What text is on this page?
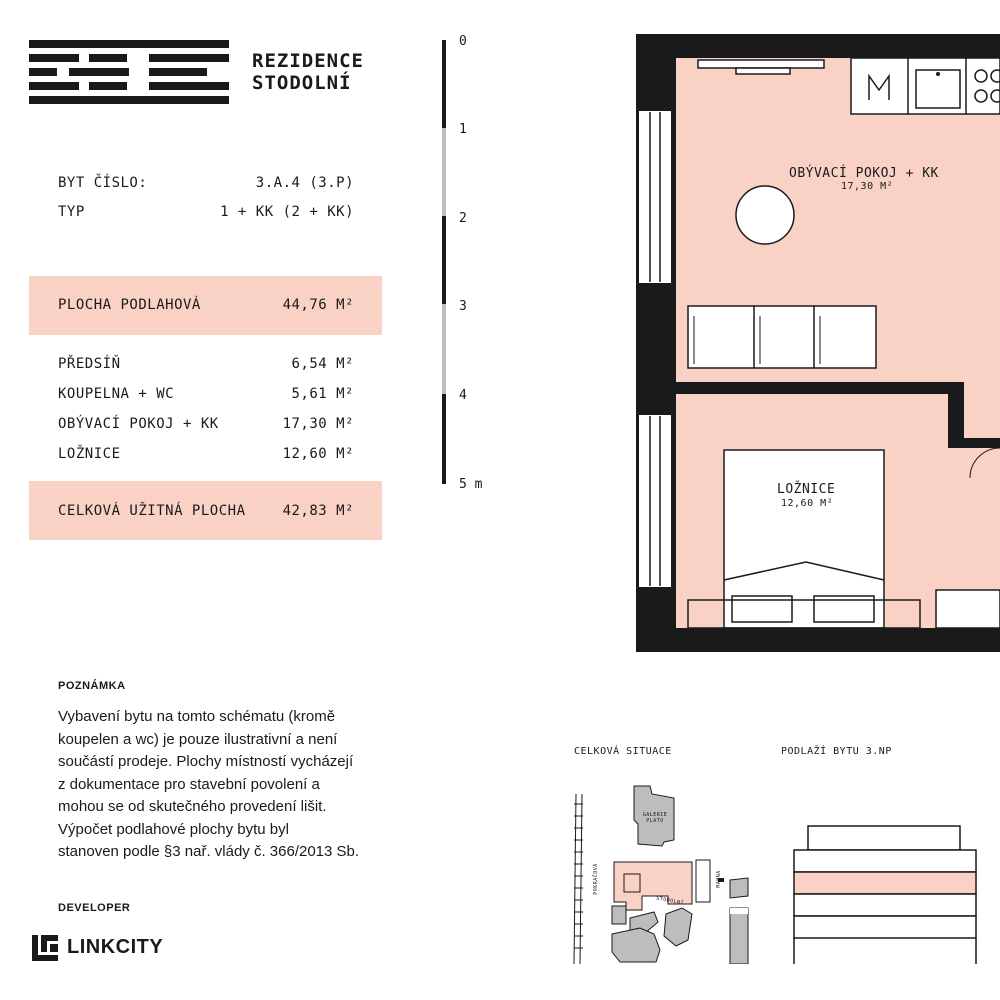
REZIDENCE
STODOLNÍ
BYT ČÍSLO:	3.A.4 (3.P)
TYP	1 + KK (2 + KK)
PLOCHA PODLAHOVÁ	44,76 M²
PŘEDSÍŇ	6,54 M²
KOUPELNA + WC	5,61 M²
OBÝVACÍ POKOJ + KK	17,30 M²
LOŽNICE	12,60 M²
CELKOVÁ UŽITNÁ PLOCHA	42,83 M²
0
1
2
3
4
5 m
OBÝVACÍ POKOJ + KK
17,30 M²
LOŽNICE
12,60 M²
POZNÁMKA
Vybavení bytu na tomto schématu (kromě
koupelen a wc) je pouze ilustrativní a není
součástí prodeje. Plochy místností vycházejí
z dokumentace pro stavební povolení a
mohou se od skutečného provedení lišit.
Výpočet podlahové plochy bytu byl
stanoven podle §3 nař. vlády č. 366/2013 Sb.
DEVELOPER
LINKCITY
CELKOVÁ SITUACE
GALERIE PLATO
STODOLNÍ
POKRAČOVÁ	MAHNA
PODLAŽÍ BYTU 3.NP
